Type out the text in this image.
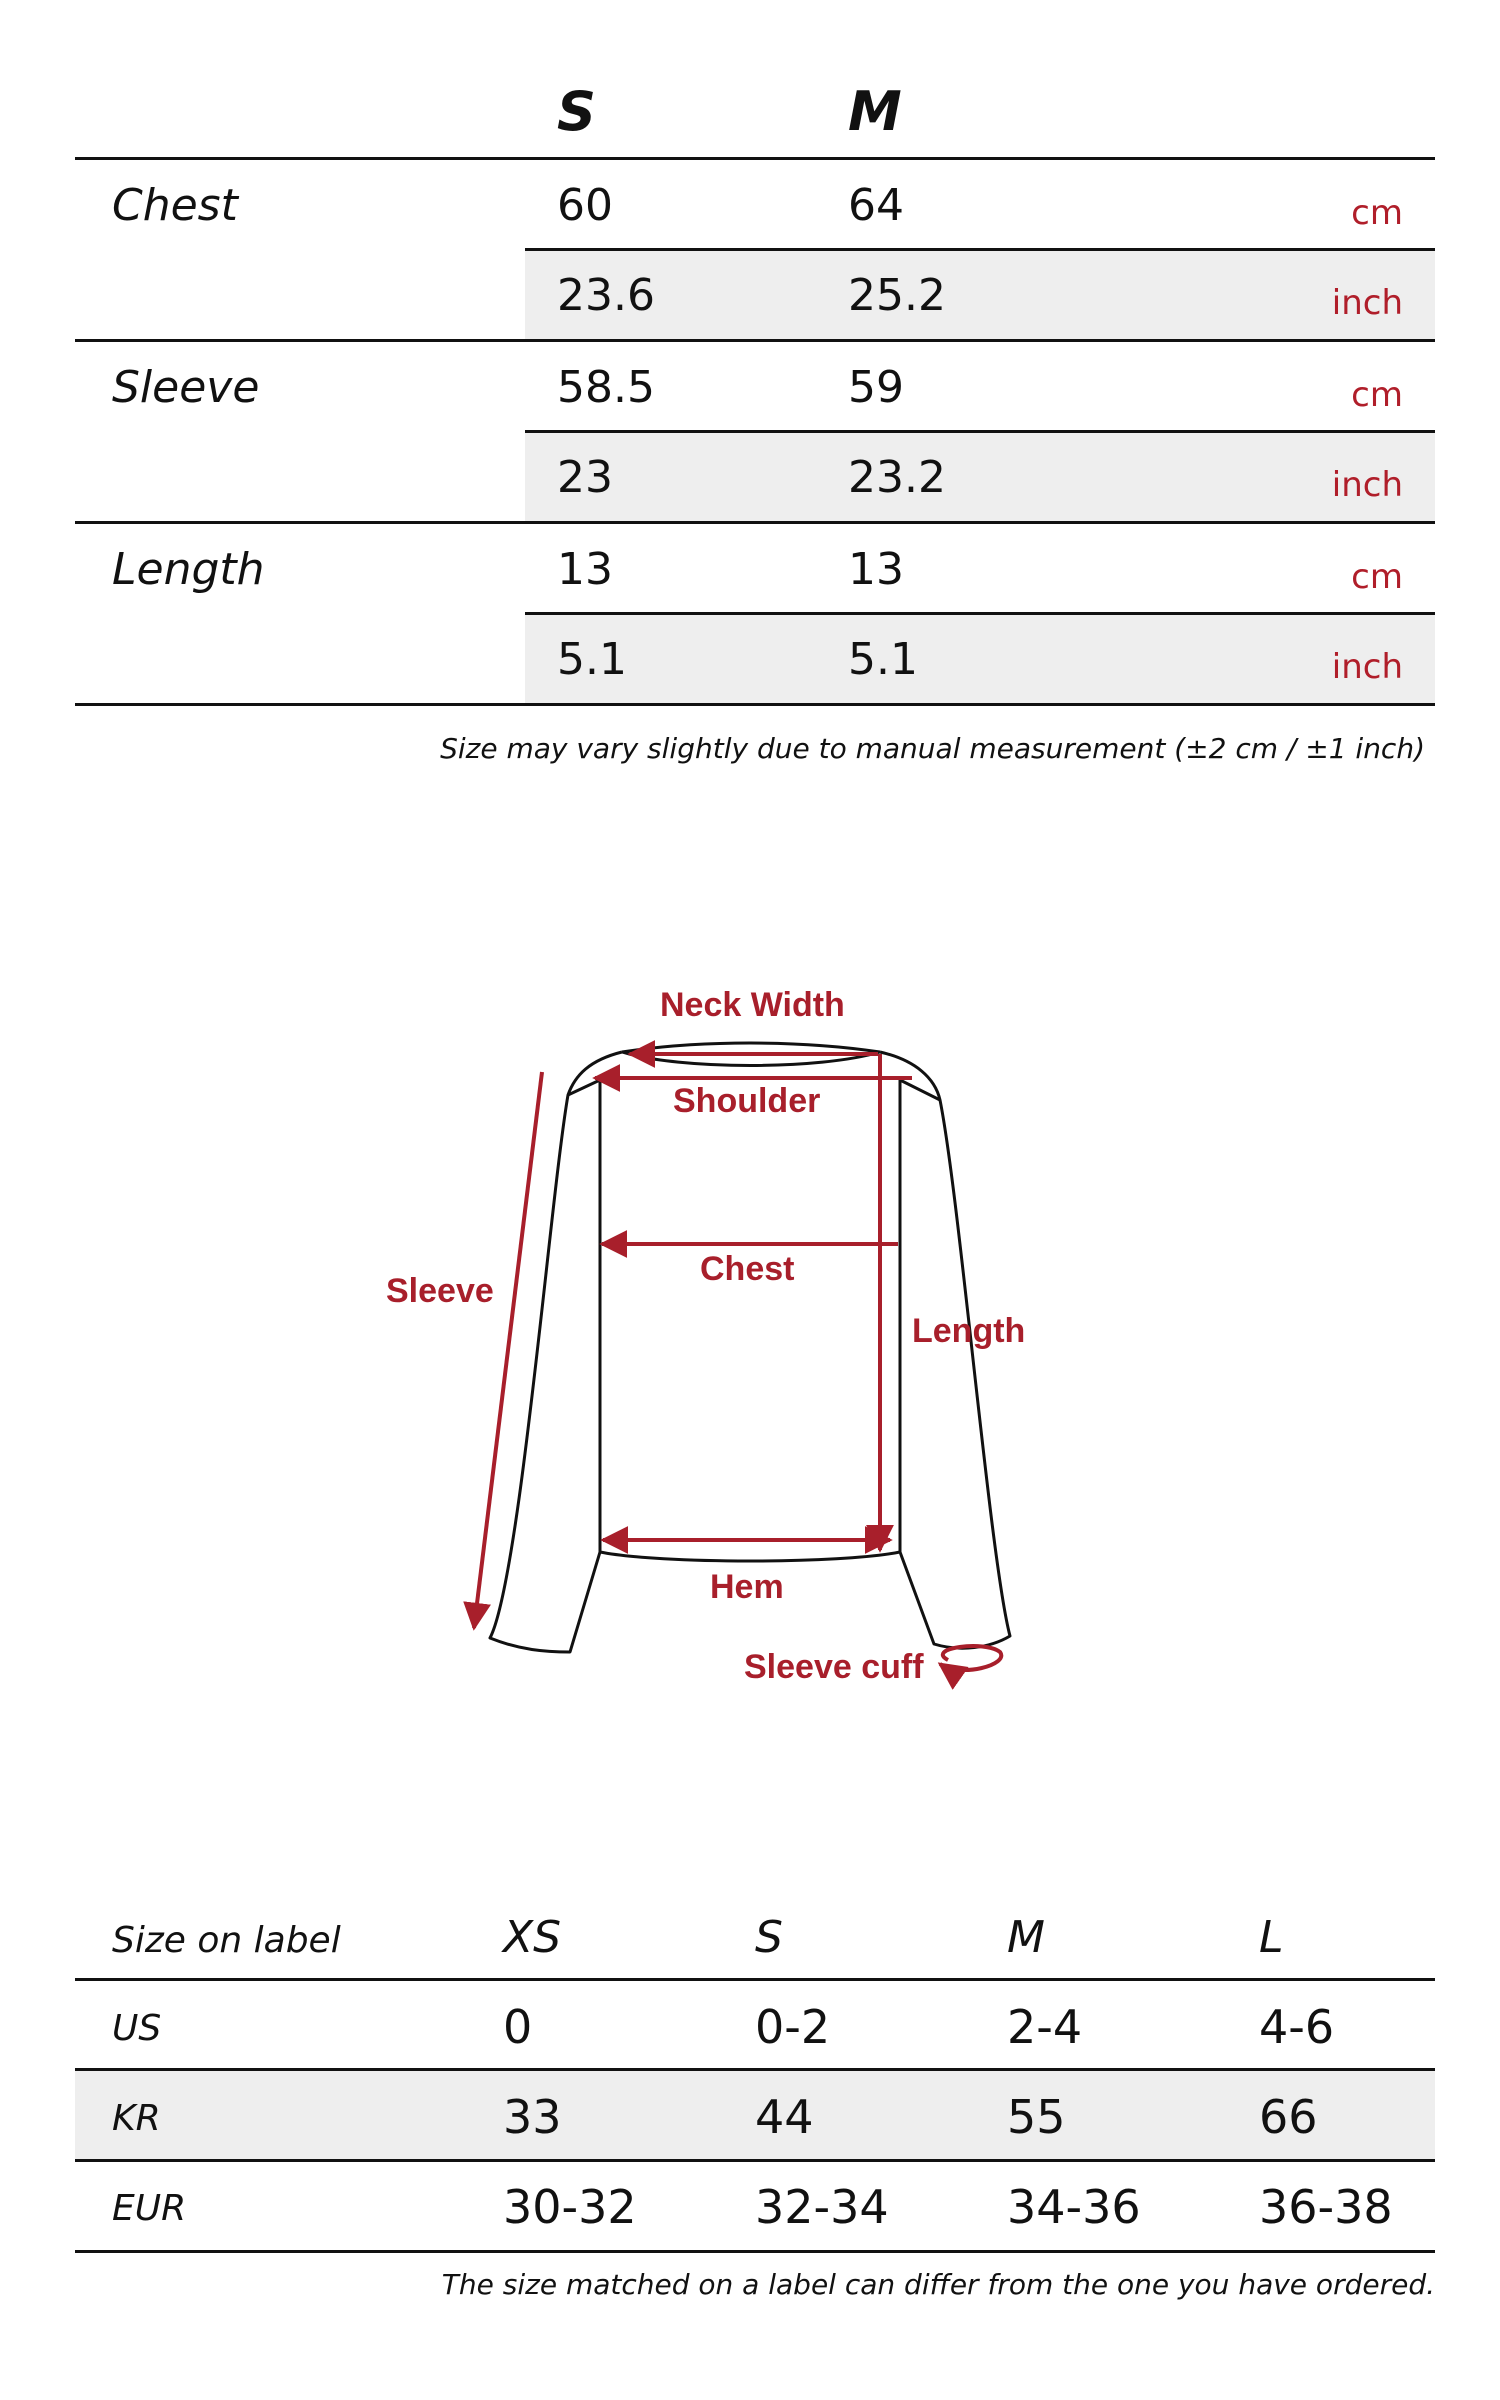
S	M
Chest	60	64	cm
23.6	25.2	inch
Sleeve	58.5	59	cm
23	23.2	inch
Length	13	13	cm
5.1	5.1	inch
Size may vary slightly due to manual measurement (±2 cm / ±1 inch)
Neck Width
Shoulder
Chest
Sleeve
Length
Hem
Sleeve cuff
Size on label	XS	S	M	L
US	0	0-2	2-4	4-6
KR	33	44	55	66
EUR	30-32	32-34	34-36	36-38
The size matched on a label can differ from the one you have ordered.
